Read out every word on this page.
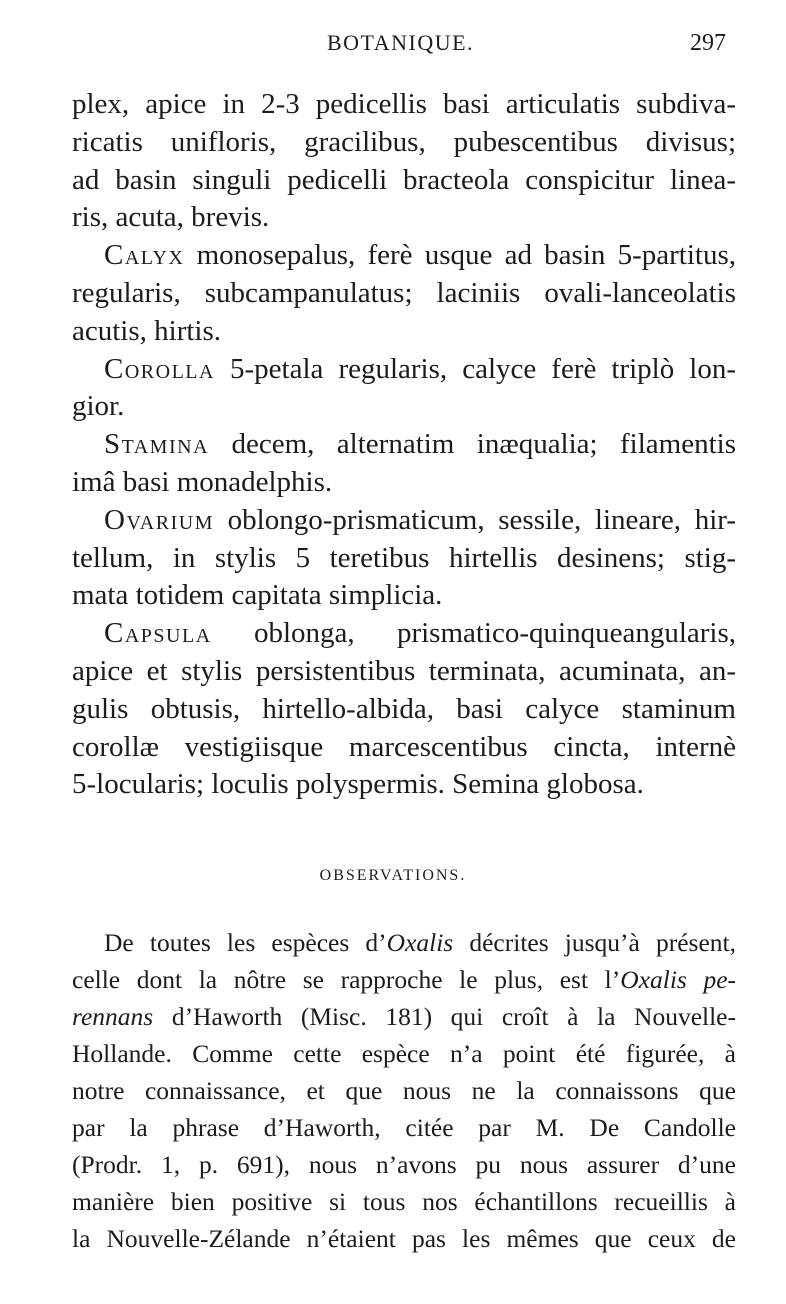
BOTANIQUE.	297
plex, apice in 2-3 pedicellis basi articulatis subdiva-
ricatis unifloris, gracilibus, pubescentibus divisus;
ad basin singuli pedicelli bracteola conspicitur linea-
ris, acuta, brevis.
Calyx monosepalus, ferè usque ad basin 5-partitus,
regularis, subcampanulatus; laciniis ovali-lanceolatis
acutis, hirtis.
Corolla 5-petala regularis, calyce ferè triplò lon-
gior.
Stamina decem, alternatim inæqualia; filamentis
imâ basi monadelphis.
Ovarium oblongo-prismaticum, sessile, lineare, hir-
tellum, in stylis 5 teretibus hirtellis desinens; stig-
mata totidem capitata simplicia.
Capsula oblonga, prismatico-quinqueangularis,
apice et stylis persistentibus terminata, acuminata, an-
gulis obtusis, hirtello-albida, basi calyce staminum
corollæ vestigiisque marcescentibus cincta, internè
5-locularis; loculis polyspermis. Semina globosa.
OBSERVATIONS.
De toutes les espèces d’Oxalis décrites jusqu’à présent,
celle dont la nôtre se rapproche le plus, est l’Oxalis pe-
rennans d’Haworth (Misc. 181) qui croît à la Nouvelle-
Hollande. Comme cette espèce n’a point été figurée, à
notre connaissance, et que nous ne la connaissons que
par la phrase d’Haworth, citée par M. De Candolle
(Prodr. 1, p. 691), nous n’avons pu nous assurer d’une
manière bien positive si tous nos échantillons recueillis à
la Nouvelle-Zélande n’étaient pas les mêmes que ceux de
